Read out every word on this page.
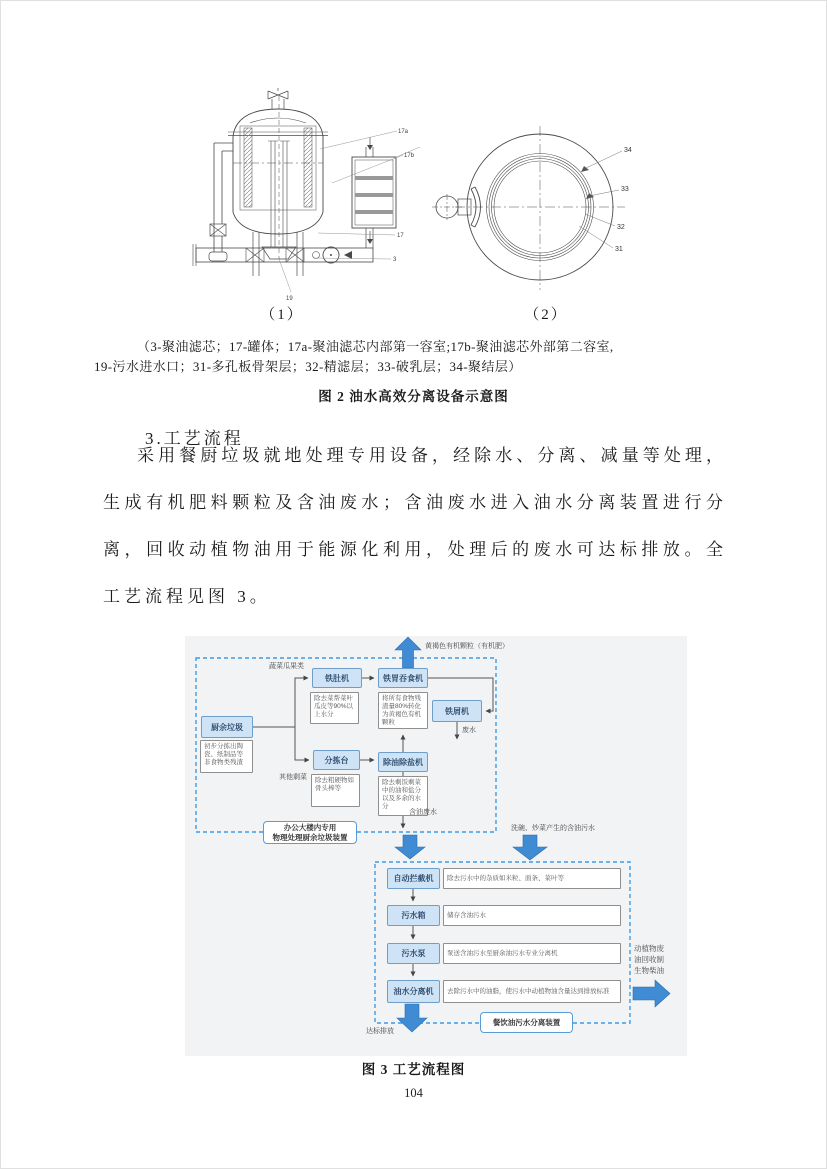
17a
17b
17
3
19
34
33
32
31
（1）	（2）
（3-聚油滤芯；17-罐体；17a-聚油滤芯内部第一容室;17b-聚油滤芯外部第二容室,
19-污水进水口；31-多孔板骨架层；32-精滤层；33-破乳层；34-聚结层）
图 2 油水高效分离设备示意图
3.工艺流程
采用餐厨垃圾就地处理专用设备，经除水、分离、减量等处理，生成有机肥料颗粒及含油废水；含油废水进入油水分离装置进行分离，回收动植物油用于能源化利用，处理后的废水可达标排放。全工艺流程见图 3。
厨余垃圾
初步分拣出陶瓷、纸制品等非食物类残渣
铁肚机
除去菜帮菜叶瓜皮等90%以上水分
铁胃吞食机
将所有食物残渣量80%转化为黄褐色有机颗粒
铁屑机
分拣台
除去粗硬物如骨头棒等
除油除盐机
除去剩饭剩菜中的油和盐分以及多余的水分
办公大楼内专用
物理处理厨余垃圾装置
蔬菜瓜果类
其他剩菜
黄褐色有机颗粒（有机肥）
废水
含油废水
洗碗、炒菜产生的含油污水
自动拦截机	除去污水中的杂质如米粒、面条、菜叶等
污水箱	储存含油污水
污水泵	泵送含油污水至厨余油污水专业分离机
油水分离机	去除污水中的油脂，使污水中动植物油含量达到排放标准
餐饮油污水分离装置
达标排放
动植物废油回收制生物柴油
图 3 工艺流程图
104
